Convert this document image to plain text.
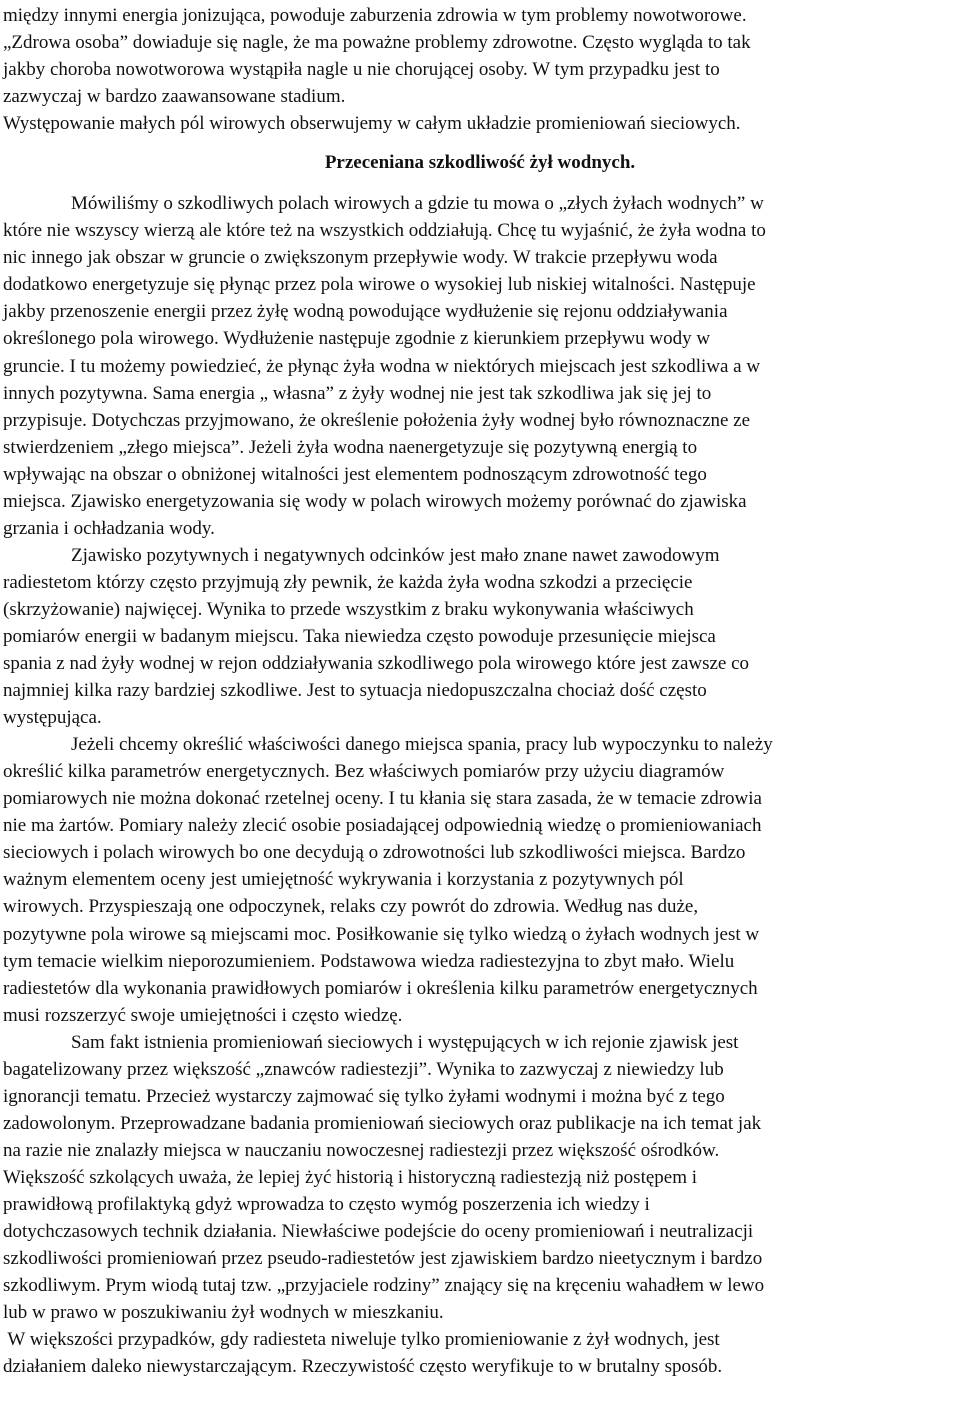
między innymi energia jonizująca, powoduje zaburzenia zdrowia w tym problemy nowotworowe.
„Zdrowa osoba” dowiaduje się nagle, że ma poważne problemy zdrowotne. Często wygląda to tak
jakby choroba nowotworowa wystąpiła nagle u nie chorującej osoby. W tym przypadku jest to
zazwyczaj w bardzo zaawansowane stadium.
Występowanie małych pól wirowych obserwujemy w całym układzie promieniowań sieciowych.
Przeceniana szkodliwość żył wodnych.
Mówiliśmy o szkodliwych polach wirowych a gdzie tu mowa o „złych żyłach wodnych” w
które nie wszyscy wierzą ale które też na wszystkich oddziałują. Chcę tu wyjaśnić, że żyła wodna to
nic innego jak obszar w gruncie o zwiększonym przepływie wody. W trakcie przepływu woda
dodatkowo energetyzuje się płynąc przez pola wirowe o wysokiej lub niskiej witalności. Następuje
jakby przenoszenie energii przez żyłę wodną powodujące wydłużenie się rejonu oddziaływania
określonego pola wirowego. Wydłużenie następuje zgodnie z kierunkiem przepływu wody w
gruncie. I tu możemy powiedzieć, że płynąc żyła wodna w niektórych miejscach jest szkodliwa a w
innych pozytywna. Sama energia „ własna” z żyły wodnej nie jest tak szkodliwa jak się jej to
przypisuje. Dotychczas przyjmowano, że określenie położenia żyły wodnej było równoznaczne ze
stwierdzeniem „złego miejsca”. Jeżeli żyła wodna naenergetyzuje się pozytywną energią to
wpływając na obszar o obniżonej witalności jest elementem podnoszącym zdrowotność tego
miejsca. Zjawisko energetyzowania się wody w polach wirowych możemy porównać do zjawiska
grzania i ochładzania wody.
Zjawisko pozytywnych i negatywnych odcinków jest mało znane nawet zawodowym
radiestetom którzy często przyjmują zły pewnik, że każda żyła wodna szkodzi a przecięcie
(skrzyżowanie) najwięcej. Wynika to przede wszystkim z braku wykonywania właściwych
pomiarów energii w badanym miejscu. Taka niewiedza często powoduje przesunięcie miejsca
spania z nad żyły wodnej w rejon oddziaływania szkodliwego pola wirowego które jest zawsze co
najmniej kilka razy bardziej szkodliwe. Jest to sytuacja niedopuszczalna chociaż dość często
występująca.
Jeżeli chcemy określić właściwości danego miejsca spania, pracy lub wypoczynku to należy
określić kilka parametrów energetycznych. Bez właściwych pomiarów przy użyciu diagramów
pomiarowych nie można dokonać rzetelnej oceny. I tu kłania się stara zasada, że w temacie zdrowia
nie ma żartów. Pomiary należy zlecić osobie posiadającej odpowiednią wiedzę o promieniowaniach
sieciowych i polach wirowych bo one decydują o zdrowotności lub szkodliwości miejsca. Bardzo
ważnym elementem oceny jest umiejętność wykrywania i korzystania z pozytywnych pól
wirowych. Przyspieszają one odpoczynek, relaks czy powrót do zdrowia. Według nas duże,
pozytywne pola wirowe są miejscami moc. Posiłkowanie się tylko wiedzą o żyłach wodnych jest w
tym temacie wielkim nieporozumieniem. Podstawowa wiedza radiestezyjna to zbyt mało. Wielu
radiestetów dla wykonania prawidłowych pomiarów i określenia kilku parametrów energetycznych
musi rozszerzyć swoje umiejętności i często wiedzę.
Sam fakt istnienia promieniowań sieciowych i występujących w ich rejonie zjawisk jest
bagatelizowany przez większość „znawców radiestezji”. Wynika to zazwyczaj z niewiedzy lub
ignorancji tematu. Przecież wystarczy zajmować się tylko żyłami wodnymi i można być z tego
zadowolonym. Przeprowadzane badania promieniowań sieciowych oraz publikacje na ich temat jak
na razie nie znalazły miejsca w nauczaniu nowoczesnej radiestezji przez większość ośrodków.
Większość szkolących uważa, że lepiej żyć historią i historyczną radiestezją niż postępem i
prawidłową profilaktyką gdyż wprowadza to często wymóg poszerzenia ich wiedzy i
dotychczasowych technik działania. Niewłaściwe podejście do oceny promieniowań i neutralizacji
szkodliwości promieniowań przez pseudo-radiestetów jest zjawiskiem bardzo nieetycznym i bardzo
szkodliwym. Prym wiodą tutaj tzw. „przyjaciele rodziny” znający się na kręceniu wahadłem w lewo
lub w prawo w poszukiwaniu żył wodnych w mieszkaniu.
W większości przypadków, gdy radiesteta niweluje tylko promieniowanie z żył wodnych, jest
działaniem daleko niewystarczającym. Rzeczywistość często weryfikuje to w brutalny sposób.
